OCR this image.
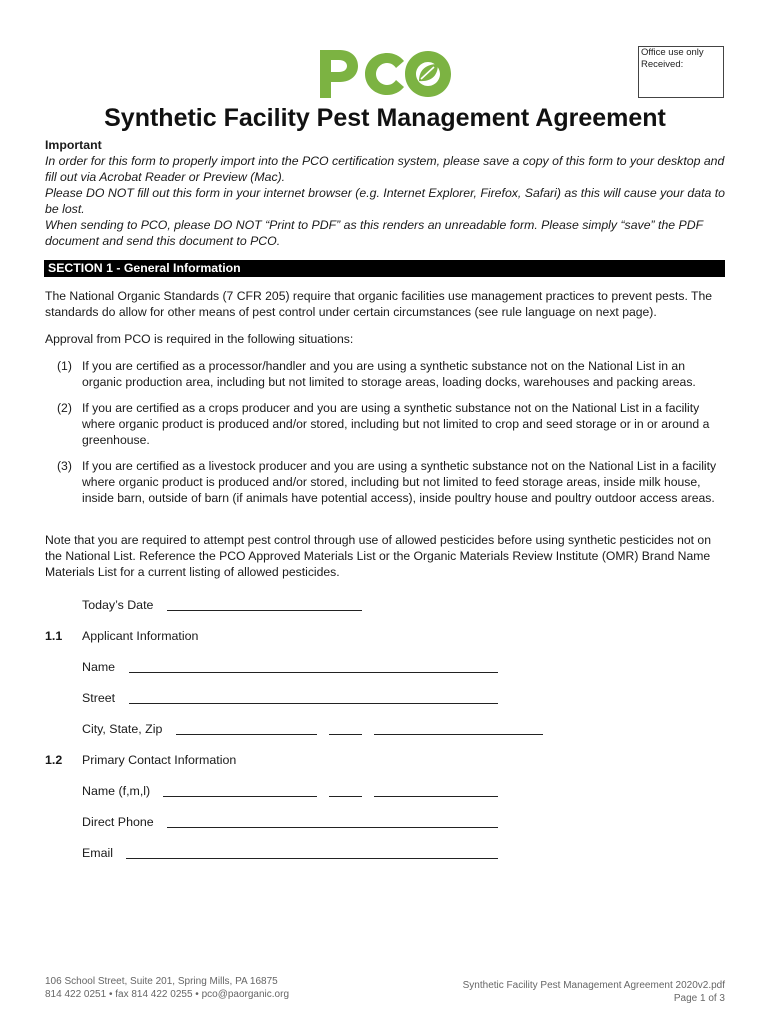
Office use only
Received:
Synthetic Facility Pest Management Agreement
Important
In order for this form to properly import into the PCO certification system, please save a copy of this form to your desktop and fill out via Acrobat Reader or Preview (Mac).
Please DO NOT fill out this form in your internet browser (e.g. Internet Explorer, Firefox, Safari) as this will cause your data to be lost.
When sending to PCO, please DO NOT “Print to PDF” as this renders an unreadable form. Please simply “save” the PDF document and send this document to PCO.
SECTION 1 - General Information
The National Organic Standards (7 CFR 205) require that organic facilities use management practices to prevent pests. The standards do allow for other means of pest control under certain circumstances (see rule language on next page).
Approval from PCO is required in the following situations:
(1) If you are certified as a processor/handler and you are using a synthetic substance not on the National List in an organic production area, including but not limited to storage areas, loading docks, warehouses and packing areas.
(2) If you are certified as a crops producer and you are using a synthetic substance not on the National List in a facility where organic product is produced and/or stored, including but not limited to crop and seed storage or in or around a greenhouse.
(3) If you are certified as a livestock producer and you are using a synthetic substance not on the National List in a facility where organic product is produced and/or stored, including but not limited to feed storage areas, inside milk house, inside barn, outside of barn (if animals have potential access), inside poultry house and poultry outdoor access areas.
Note that you are required to attempt pest control through use of allowed pesticides before using synthetic pesticides not on the National List. Reference the PCO Approved Materials List or the Organic Materials Review Institute (OMR) Brand Name Materials List for a current listing of allowed pesticides.
Today’s Date
1.1 Applicant Information
Name
Street
City, State, Zip
1.2 Primary Contact Information
Name (f,m,l)
Direct Phone
Email
106 School Street, Suite 201, Spring Mills, PA 16875
814 422 0251 • fax 814 422 0255 • pco@paorganic.org
Synthetic Facility Pest Management Agreement 2020v2.pdf
Page 1 of 3
